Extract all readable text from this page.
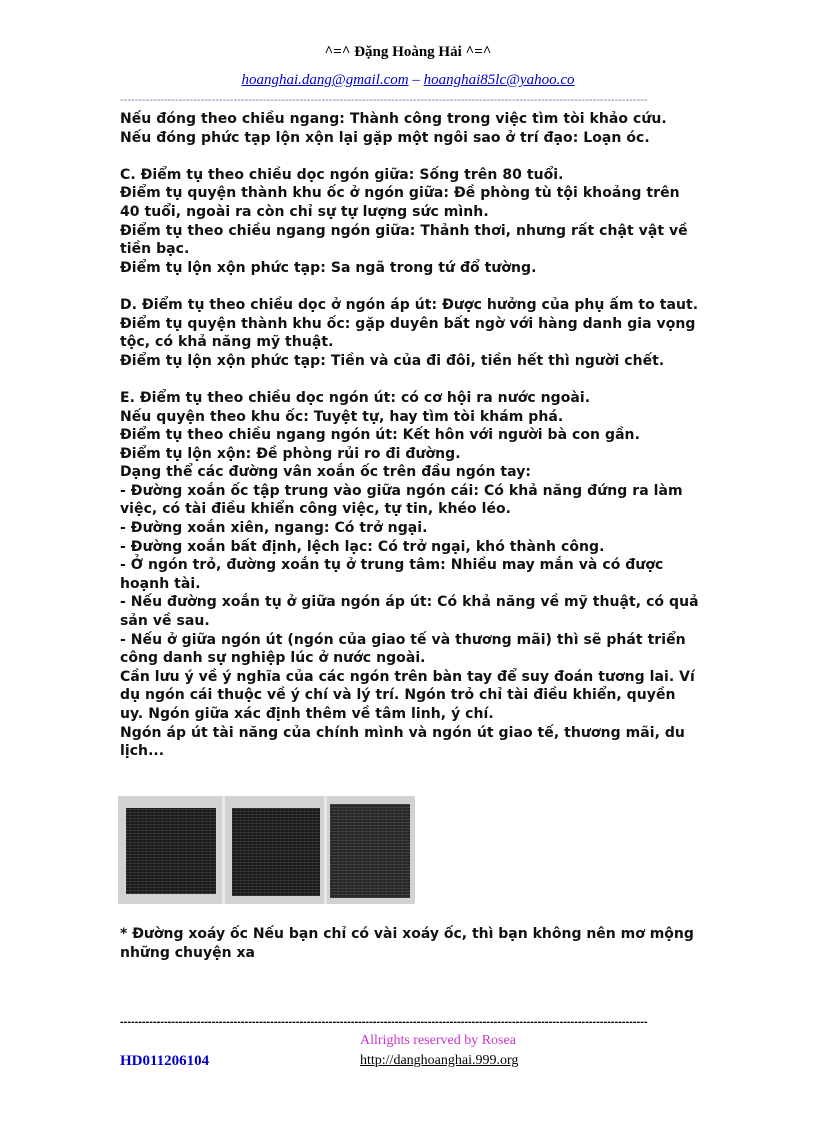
^=^ Đặng Hoàng Hải ^=^
hoanghai.dang@gmail.com – hoanghai85lc@yahoo.co
-----

Nếu đóng theo chiều ngang: Thành công trong việc tìm tòi khảo cứu.

Nếu đóng phức tạp lộn xộn lại gặp một ngôi sao ở trí đạo: Loạn óc.

C. Điểm tụ theo chiều dọc ngón giữa: Sống trên 80 tuổi.

Điểm tụ quyện thành khu ốc ở ngón giữa: Đề phòng tù tội khoảng trên 40 tuổi, ngoài ra còn chỉ sự tự lượng sức mình.

Điểm tụ theo chiều ngang ngón giữa: Thảnh thơi, nhưng rất chật vật về tiền bạc.

Điểm tụ lộn xộn phức tạp: Sa ngã trong tứ đổ tường.

D. Điểm tụ theo chiều dọc ở ngón áp út: Được hưởng của phụ ấm to taut.

Điểm tụ quyện thành khu ốc: gặp duyên bất ngờ với hàng danh gia vọng tộc, có khả năng mỹ thuật.

Điểm tụ lộn xộn phức tạp: Tiền và của đi đôi, tiền hết thì người chết.

E. Điểm tụ theo chiều dọc ngón út: có cơ hội ra nước ngoài.

Nếu quyện theo khu ốc: Tuyệt tự, hay tìm tòi khám phá.

Điểm tụ theo chiều ngang ngón út: Kết hôn với người bà con gần.

Điểm tụ lộn xộn: Đề phòng rủi ro đi đường.

Dạng thể các đường vân xoắn ốc trên đầu ngón tay:

- Đường xoắn ốc tập trung vào giữa ngón cái: Có khả năng đứng ra làm việc, có tài điều khiển công việc, tự tin, khéo léo.

- Đường xoắn xiên, ngang: Có trở ngại.

- Đường xoắn bất định, lệch lạc: Có trở ngại, khó thành công.

- Ở ngón trỏ, đường xoắn tụ ở trung tâm: Nhiều may mắn và có được hoạnh tài.

- Nếu đường xoắn tụ ở giữa ngón áp út: Có khả năng về mỹ thuật, có quả sản về sau.

- Nếu ở giữa ngón út (ngón của giao tế và thương mãi) thì sẽ phát triển công danh sự nghiệp lúc ở nước ngoài.

Cần lưu ý về ý nghĩa của các ngón trên bàn tay để suy đoán tương lai. Ví dụ ngón cái thuộc về ý chí và lý trí. Ngón trỏ chỉ tài điều khiển, quyền uy. Ngón giữa xác định thêm về tâm linh, ý chí.

Ngón áp út tài năng của chính mình và ngón út giao tế, thương mãi, du lịch...

* Đường xoáy ốc Nếu bạn chỉ có vài xoáy ốc, thì bạn không nên mơ mộng những chuyện xa

-----
Allrights reserved by Rosea
HD011206104	http://danghoanghai.999.org
